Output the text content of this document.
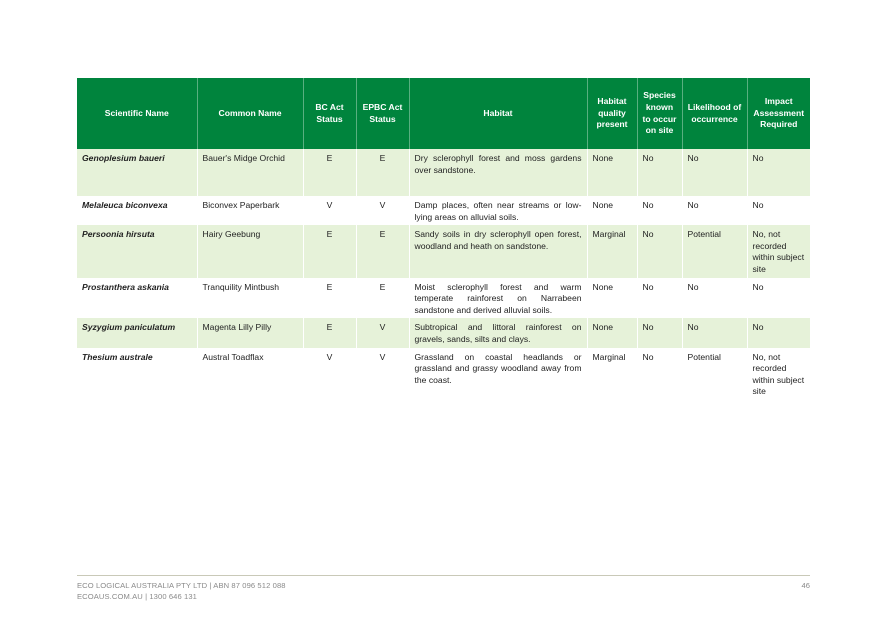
Scientific Name	Common Name	BC Act Status	EPBC Act Status	Habitat	Habitat quality present	Species known to occur on site	Likelihood of occurrence	Impact Assessment Required
Genoplesium baueri	Bauer's Midge Orchid	E	E	Dry sclerophyll forest and moss gardens over sandstone.	None	No	No	No
Melaleuca biconvexa	Biconvex Paperbark	V	V	Damp places, often near streams or low-lying areas on alluvial soils.	None	No	No	No
Persoonia hirsuta	Hairy Geebung	E	E	Sandy soils in dry sclerophyll open forest, woodland and heath on sandstone.	Marginal	No	Potential	No, not recorded within subject site
Prostanthera askania	Tranquility Mintbush	E	E	Moist sclerophyll forest and warm temperate rainforest on Narrabeen sandstone and derived alluvial soils.	None	No	No	No
Syzygium paniculatum	Magenta Lilly Pilly	E	V	Subtropical and littoral rainforest on gravels, sands, silts and clays.	None	No	No	No
Thesium australe	Austral Toadflax	V	V	Grassland on coastal headlands or grassland and grassy woodland away from the coast.	Marginal	No	Potential	No, not recorded within subject site
ECO LOGICAL AUSTRALIA PTY LTD | ABN 87 096 512 088
ECOAUS.COM.AU | 1300 646 131
46
